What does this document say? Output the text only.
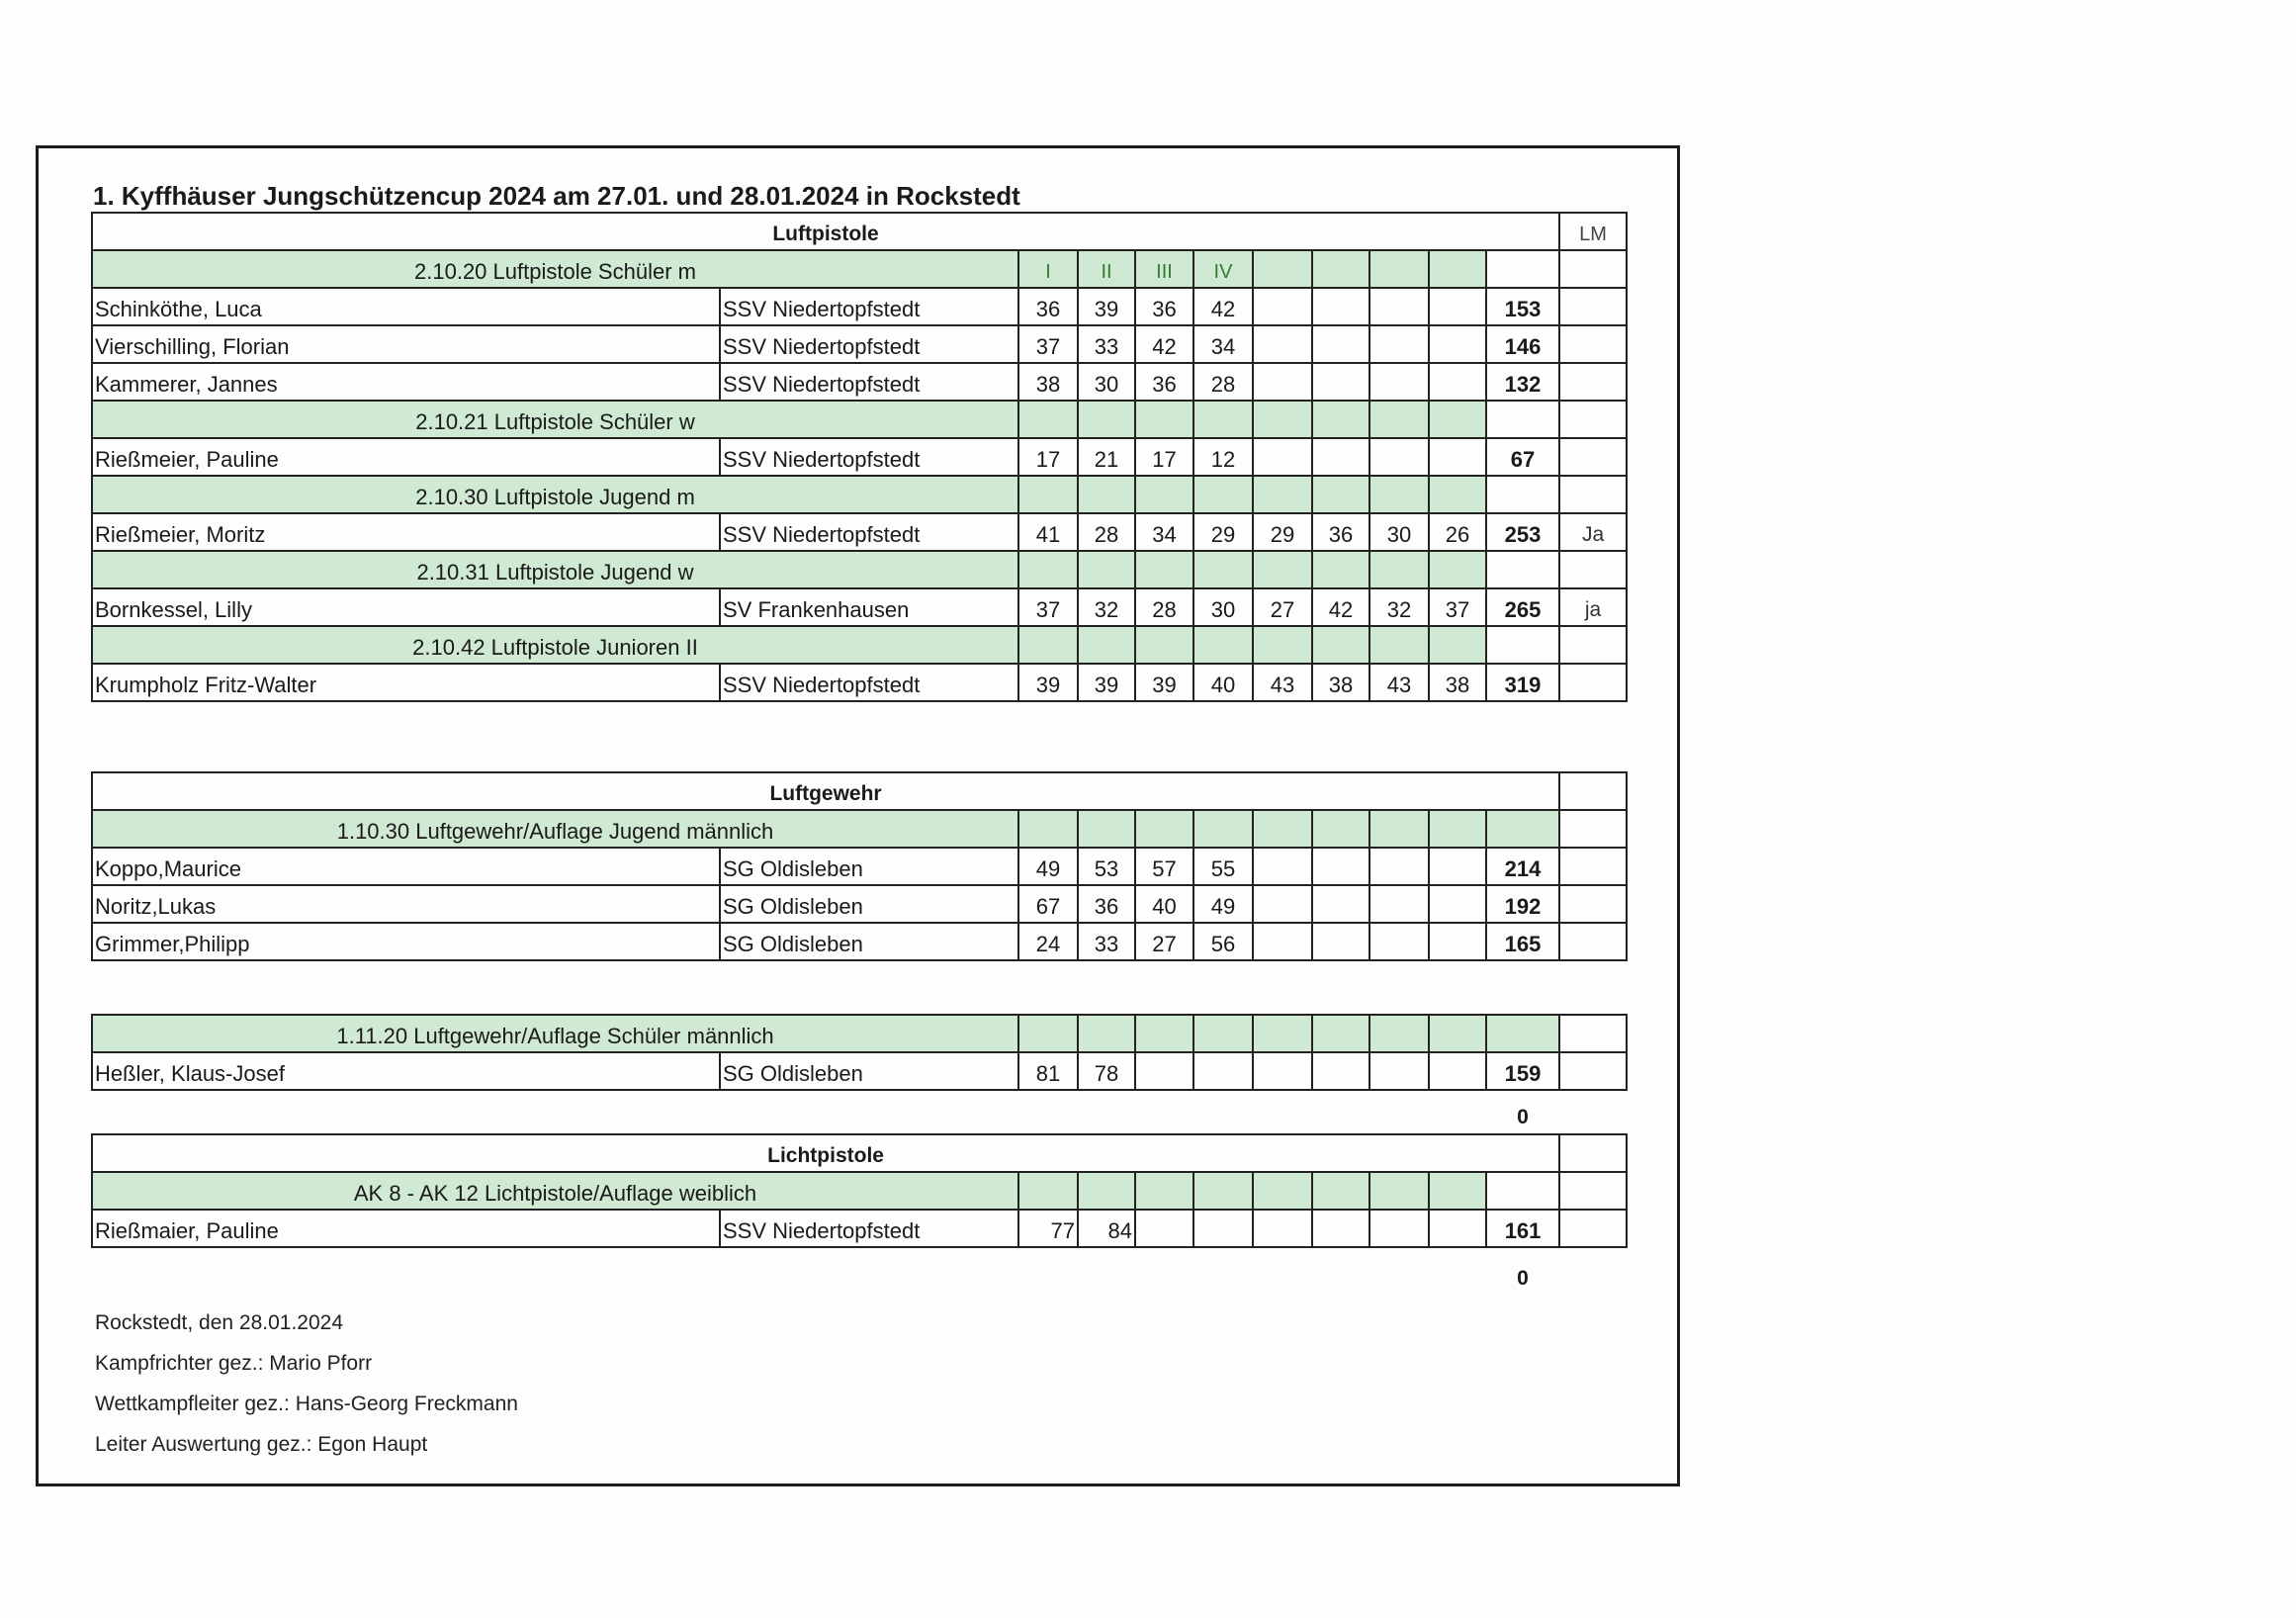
1. Kyffhäuser Jungschützencup 2024 am 27.01. und 28.01.2024 in Rockstedt
Luftpistole											LM
2.10.20 Luftpistole Schüler m		I	II	III	IV						
Schinköthe, Luca	SSV Niedertopfstedt	36	39	36	42					153	
Vierschilling, Florian	SSV Niedertopfstedt	37	33	42	34					146	
Kammerer, Jannes	SSV Niedertopfstedt	38	30	36	28					132	
2.10.21 Luftpistole Schüler w											
Rießmeier, Pauline	SSV Niedertopfstedt	17	21	17	12					67	
2.10.30 Luftpistole Jugend m											
Rießmeier, Moritz	SSV Niedertopfstedt	41	28	34	29	29	36	30	26	253	Ja
2.10.31 Luftpistole Jugend w											
Bornkessel, Lilly	SV Frankenhausen	37	32	28	30	27	42	32	37	265	ja
2.10.42 Luftpistole Junioren II											
Krumpholz Fritz-Walter	SSV Niedertopfstedt	39	39	39	40	43	38	43	38	319	
Luftgewehr											
1.10.30 Luftgewehr/Auflage Jugend männlich											
Koppo,Maurice	SG Oldisleben	49	53	57	55					214	
Noritz,Lukas	SG Oldisleben	67	36	40	49					192	
Grimmer,Philipp	SG Oldisleben	24	33	27	56					165	
1.11.20 Luftgewehr/Auflage Schüler männlich											
Heßler, Klaus-Josef	SG Oldisleben	81	78							159	
Lichtpistole											
AK 8 - AK 12 Lichtpistole/Auflage weiblich											
Rießmaier, Pauline	SSV Niedertopfstedt	77	84							161	
0
0
Rockstedt, den 28.01.2024
Kampfrichter gez.: Mario Pforr
Wettkampfleiter gez.: Hans-Georg Freckmann
Leiter Auswertung gez.: Egon Haupt
